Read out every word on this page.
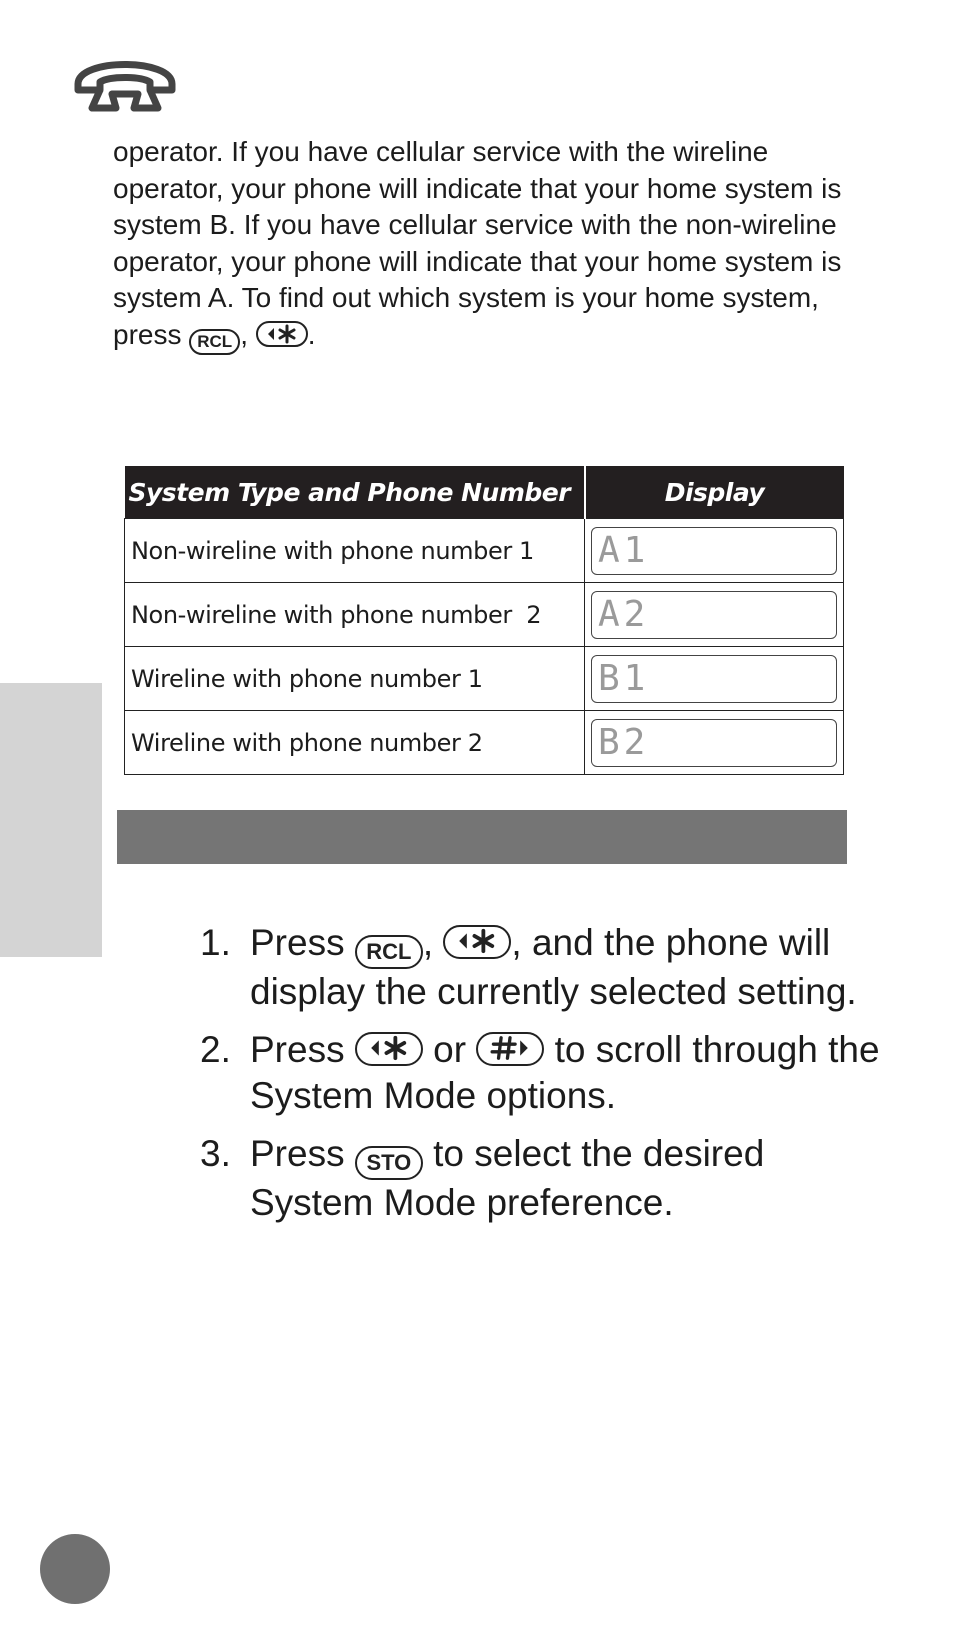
operator. If you have cellular service with the wireline operator, your phone will indicate that your home system is system B. If you have cellular service with the non-wireline operator, your phone will indicate that your home system is system A. To find out which system is your home system, press RCL , .

System Type and Phone Number	Display
Non-wireline with phone number 1	A1

Non-wireline with phone number  2	A2

Wireline with phone number 1	B1

Wireline with phone number 2	B2
1. Press RCL , , and the phone will display the currently selected setting.
2. Press or to scroll through the System Mode options.
3. Press STO to select the desired System Mode preference.
